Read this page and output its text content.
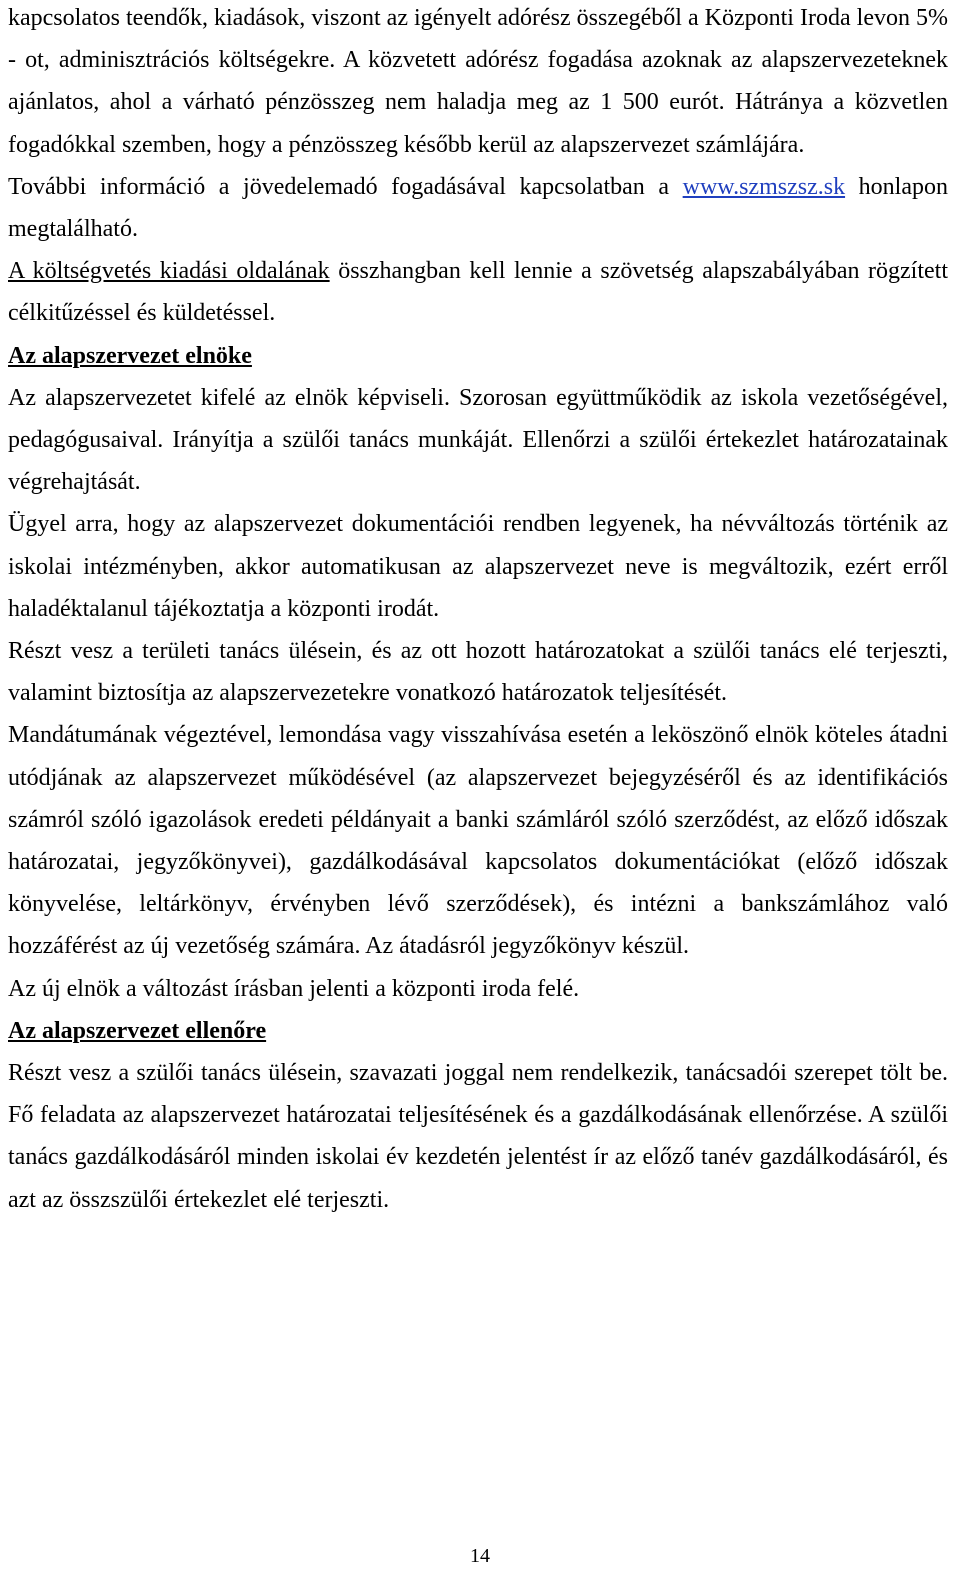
kapcsolatos teendők, kiadások, viszont az igényelt adórész összegéből a Központi Iroda levon 5% - ot, adminisztrációs költségekre. A közvetett adórész fogadása azoknak az alapszervezeteknek ajánlatos, ahol a várható pénzösszeg nem haladja meg az 1 500 eurót. Hátránya a közvetlen fogadókkal szemben, hogy a pénzösszeg később kerül az alapszervezet számlájára.

További információ a jövedelemadó fogadásával kapcsolatban a www.szmszsz.sk honlapon megtalálható.

A költségvetés kiadási oldalának összhangban kell lennie a szövetség alapszabályában rögzített célkitűzéssel és küldetéssel.

Az alapszervezet elnöke

Az alapszervezetet kifelé az elnök képviseli. Szorosan együttműködik az iskola vezetőségével, pedagógusaival. Irányítja a szülői tanács munkáját. Ellenőrzi a szülői értekezlet határozatainak végrehajtását.

Ügyel arra, hogy az alapszervezet dokumentációi rendben legyenek, ha névváltozás történik az iskolai intézményben, akkor automatikusan az alapszervezet neve is megváltozik, ezért erről haladéktalanul tájékoztatja a központi irodát.

Részt vesz a területi tanács ülésein, és az ott hozott határozatokat a szülői tanács elé terjeszti, valamint biztosítja az alapszervezetekre vonatkozó határozatok teljesítését.

Mandátumának végeztével, lemondása vagy visszahívása esetén a leköszönő elnök köteles átadni utódjának az alapszervezet működésével (az alapszervezet bejegyzéséről és az identifikációs számról szóló igazolások eredeti példányait a banki számláról szóló szerződést, az előző időszak határozatai, jegyzőkönyvei), gazdálkodásával kapcsolatos dokumentációkat (előző időszak könyvelése, leltárkönyv, érvényben lévő szerződések), és intézni a bankszámlához való hozzáférést az új vezetőség számára. Az átadásról jegyzőkönyv készül.

Az új elnök a változást írásban jelenti a központi iroda felé.

Az alapszervezet ellenőre

Részt vesz a szülői tanács ülésein, szavazati joggal nem rendelkezik, tanácsadói szerepet tölt be. Fő feladata az alapszervezet határozatai teljesítésének és a gazdálkodásának ellenőrzése. A szülői tanács gazdálkodásáról minden iskolai év kezdetén jelentést ír az előző tanév gazdálkodásáról, és azt az összszülői értekezlet elé terjeszti.

14
